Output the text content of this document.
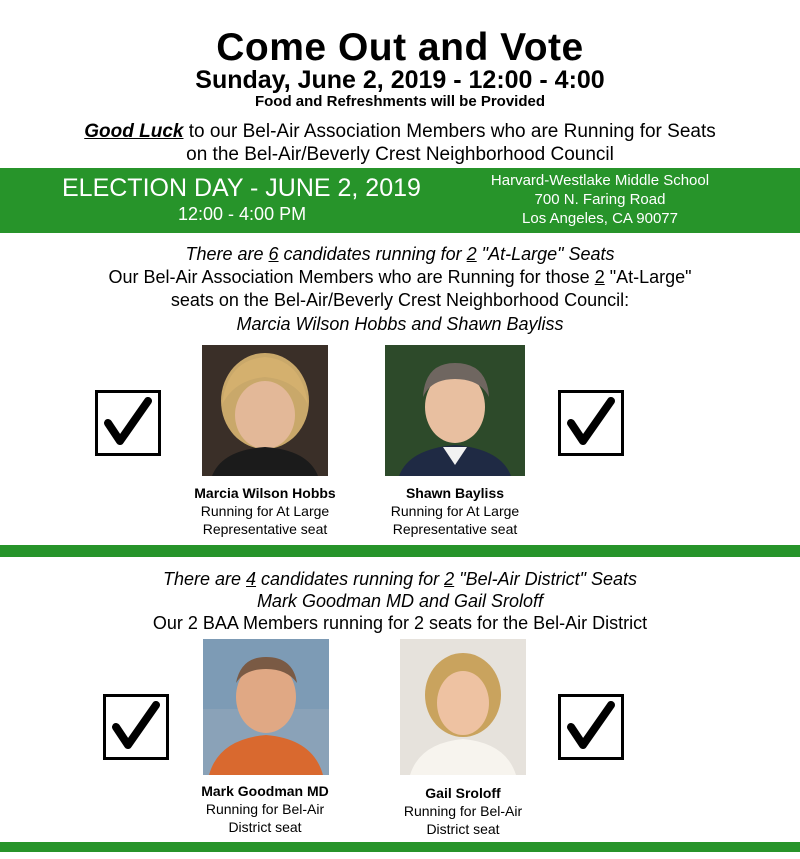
Come Out and Vote
Sunday, June 2, 2019 - 12:00 - 4:00
Food and Refreshments will be Provided
Good Luck to our Bel-Air Association Members who are Running for Seats
on the Bel-Air/Beverly Crest Neighborhood Council
ELECTION DAY - JUNE 2, 2019
12:00 - 4:00 PM
Harvard-Westlake Middle School
700 N. Faring Road
Los Angeles, CA 90077
There are 6 candidates running for 2 "At-Large" Seats
Our Bel-Air Association Members who are Running for those 2 "At-Large"
seats on the Bel-Air/Beverly Crest Neighborhood Council:
Marcia Wilson Hobbs and Shawn Bayliss
Marcia Wilson Hobbs
Running for At Large
Representative seat
Shawn Bayliss
Running for At Large
Representative seat
There are 4 candidates running for 2 "Bel-Air District" Seats
Mark Goodman MD and Gail Sroloff
Our 2 BAA Members running for 2 seats for the Bel-Air District
Mark Goodman MD
Running for Bel-Air
District seat
Gail Sroloff
Running for Bel-Air
District seat
